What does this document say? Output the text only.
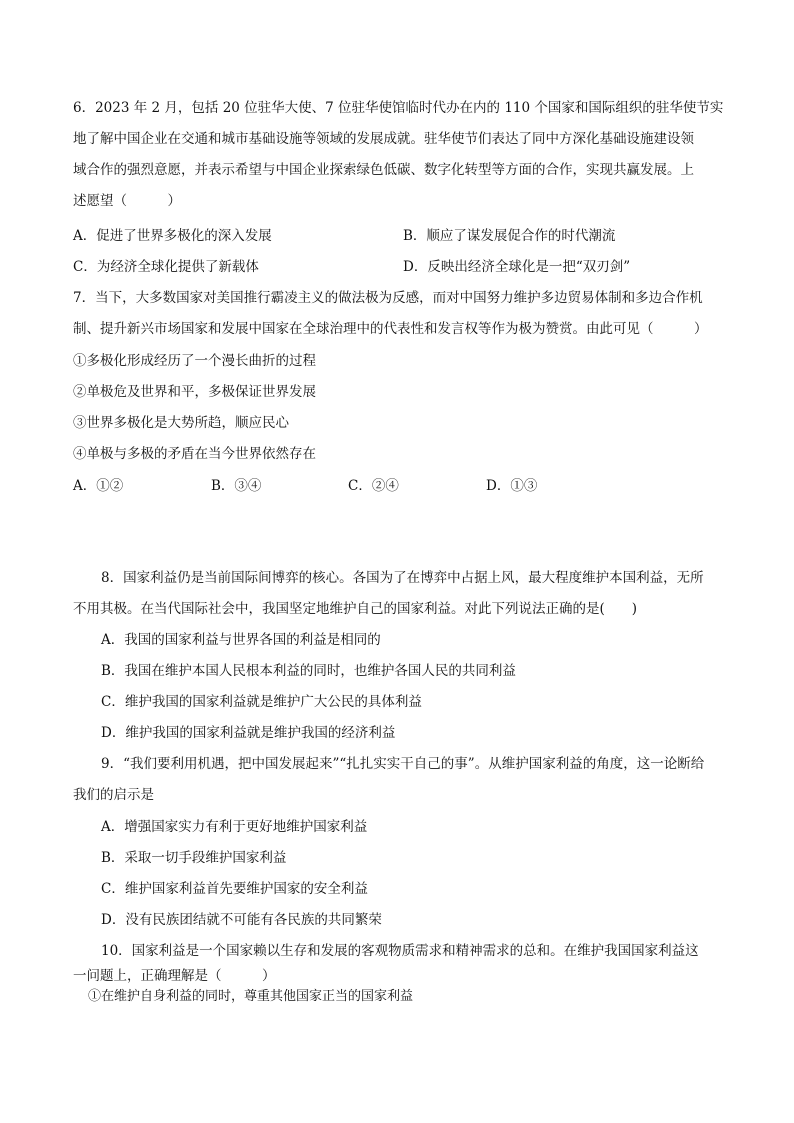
6．2023 年 2 月，包括 20 位驻华大使、7 位驻华使馆临时代办在内的 110 个国家和国际组织的驻华使节实
地了解中国企业在交通和城市基础设施等领域的发展成就。驻华使节们表达了同中方深化基础设施建设领
域合作的强烈意愿，并表示希望与中国企业探索绿色低碳、数字化转型等方面的合作，实现共赢发展。上
述愿望（　　　）
A．促进了世界多极化的深入发展	B．顺应了谋发展促合作的时代潮流
C．为经济全球化提供了新载体	D．反映出经济全球化是一把“双刃剑”
7．当下，大多数国家对美国推行霸凌主义的做法极为反感，而对中国努力维护多边贸易体制和多边合作机
制、提升新兴市场国家和发展中国家在全球治理中的代表性和发言权等作为极为赞赏。由此可见（　　　）
①多极化形成经历了一个漫长曲折的过程
②单极危及世界和平，多极保证世界发展
③世界多极化是大势所趋，顺应民心
④单极与多极的矛盾在当今世界依然存在
A．①②	B．③④	C．②④	D．①③
8．国家利益仍是当前国际间博弈的核心。各国为了在博弈中占据上风，最大程度维护本国利益，无所
不用其极。在当代国际社会中，我国坚定地维护自己的国家利益。对此下列说法正确的是(　　)
A．我国的国家利益与世界各国的利益是相同的
B．我国在维护本国人民根本利益的同时，也维护各国人民的共同利益
C．维护我国的国家利益就是维护广大公民的具体利益
D．维护我国的国家利益就是维护我国的经济利益
9．“我们要利用机遇，把中国发展起来”“扎扎实实干自己的事”。从维护国家利益的角度，这一论断给
我们的启示是
A．增强国家实力有利于更好地维护国家利益
B．采取一切手段维护国家利益
C．维护国家利益首先要维护国家的安全利益
D．没有民族团结就不可能有各民族的共同繁荣
10．国家利益是一个国家赖以生存和发展的客观物质需求和精神需求的总和。在维护我国国家利益这
一问题上，正确理解是（　　　）
①在维护自身利益的同时，尊重其他国家正当的国家利益
